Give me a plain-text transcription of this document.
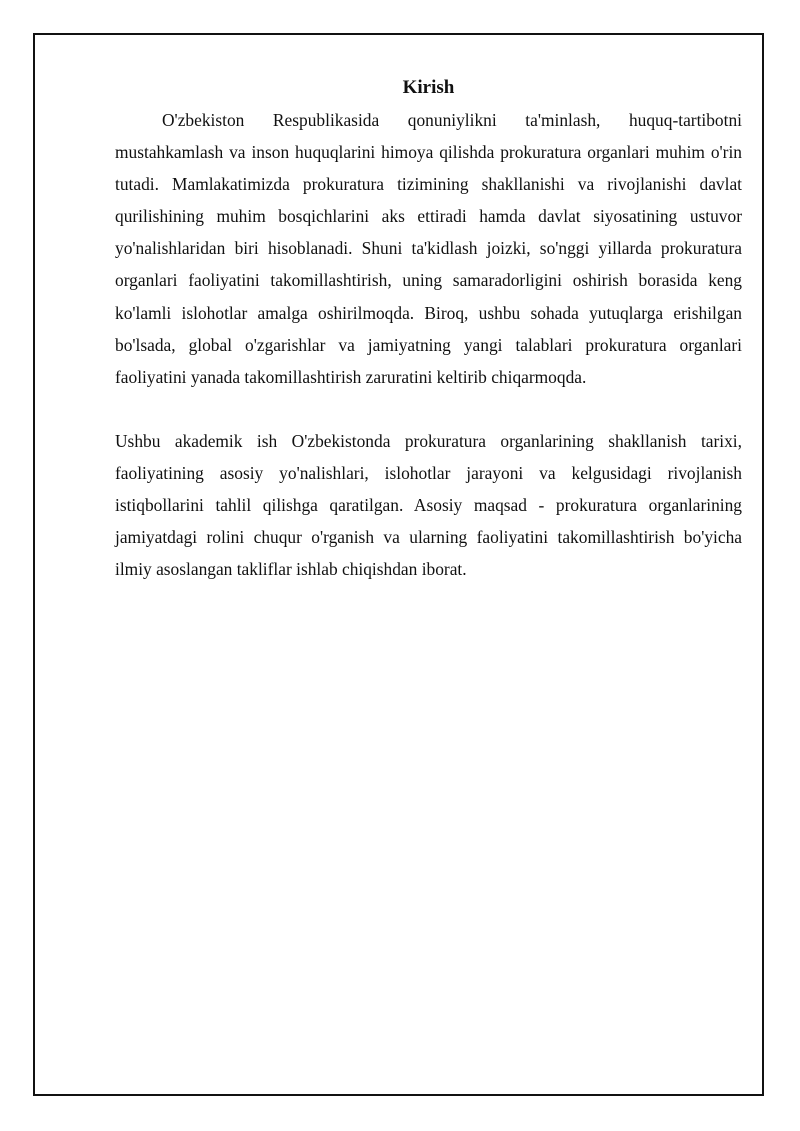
Kirish

O'zbekiston Respublikasida qonuniylikni ta'minlash, huquq-tartibotni mustahkamlash va inson huquqlarini himoya qilishda prokuratura organlari muhim o'rin tutadi. Mamlakatimizda prokuratura tizimining shakllanishi va rivojlanishi davlat qurilishining muhim bosqichlarini aks ettiradi hamda davlat siyosatining ustuvor yo'nalishlaridan biri hisoblanadi. Shuni ta'kidlash joizki, so'nggi yillarda prokuratura organlari faoliyatini takomillashtirish, uning samaradorligini oshirish borasida keng ko'lamli islohotlar amalga oshirilmoqda. Biroq, ushbu sohada yutuqlarga erishilgan bo'lsada, global o'zgarishlar va jamiyatning yangi talablari prokuratura organlari faoliyatini yanada takomillashtirish zaruratini keltirib chiqarmoqda.

Ushbu akademik ish O'zbekistonda prokuratura organlarining shakllanish tarixi, faoliyatining asosiy yo'nalishlari, islohotlar jarayoni va kelgusidagi rivojlanish istiqbollarini tahlil qilishga qaratilgan. Asosiy maqsad - prokuratura organlarining jamiyatdagi rolini chuqur o'rganish va ularning faoliyatini takomillashtirish bo'yicha ilmiy asoslangan takliflar ishlab chiqishdan iborat.
